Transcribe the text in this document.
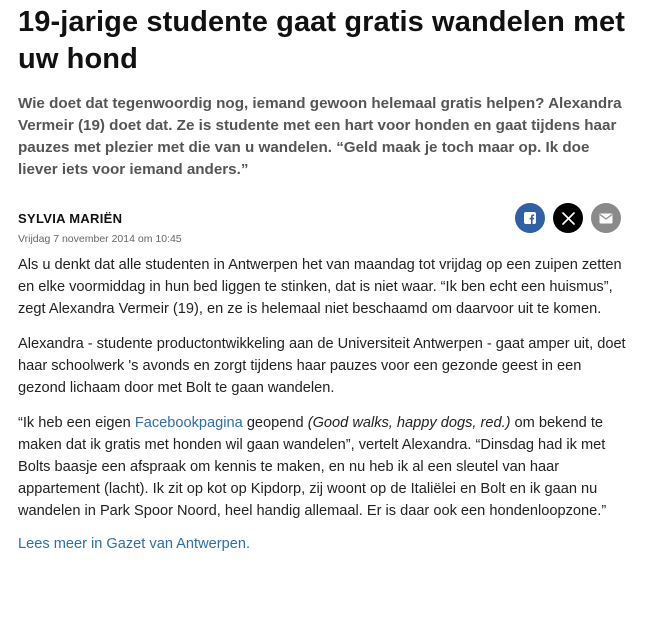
19-jarige studente gaat gratis wandelen met uw hond

Wie doet dat tegenwoordig nog, iemand gewoon helemaal gratis helpen? Alexandra Vermeir (19) doet dat. Ze is studente met een hart voor honden en gaat tijdens haar pauzes met plezier met die van u wandelen. “Geld maak je toch maar op. Ik doe liever iets voor iemand anders.”

SYLVIA MARIËN
Vrijdag 7 november 2014 om 10:45

Als u denkt dat alle studenten in Antwerpen het van maandag tot vrijdag op een zuipen zetten en elke voormiddag in hun bed liggen te stinken, dat is niet waar. “Ik ben echt een huismus”, zegt Alexandra Vermeir (19), en ze is helemaal niet beschaamd om daarvoor uit te komen.

Alexandra - studente productontwikkeling aan de Universiteit Antwerpen - gaat amper uit, doet haar schoolwerk 's avonds en zorgt tijdens haar pauzes voor een gezonde geest in een gezond lichaam door met Bolt te gaan wandelen.

“Ik heb een eigen Facebookpagina geopend (Good walks, happy dogs, red.) om bekend te maken dat ik gratis met honden wil gaan wandelen”, vertelt Alexandra. “Dinsdag had ik met Bolts baasje een afspraak om kennis te maken, en nu heb ik al een sleutel van haar appartement (lacht). Ik zit op kot op Kipdorp, zij woont op de Italiëlei en Bolt en ik gaan nu wandelen in Park Spoor Noord, heel handig allemaal. Er is daar ook een hondenloopzone.”

Lees meer in Gazet van Antwerpen.
